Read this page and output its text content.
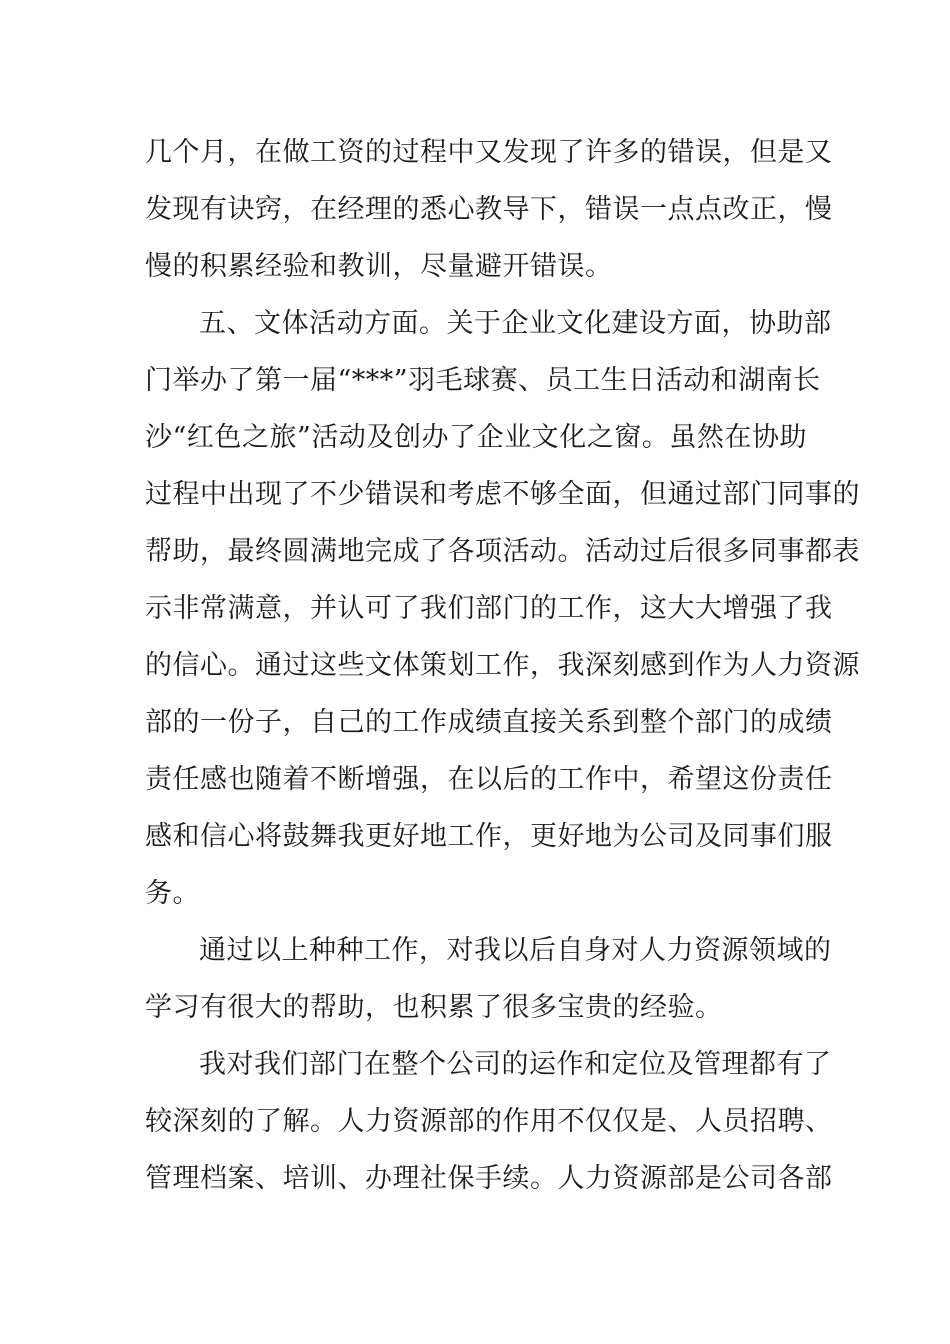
几个月，在做工资的过程中又发现了许多的错误，但是又
发现有诀窍，在经理的悉心教导下，错误一点点改正，慢
慢的积累经验和教训，尽量避开错误。
五、文体活动方面。关于企业文化建设方面，协助部
门举办了第一届“***”羽毛球赛、员工生日活动和湖南长
沙“红色之旅”活动及创办了企业文化之窗。虽然在协助
过程中出现了不少错误和考虑不够全面，但通过部门同事的
帮助，最终圆满地完成了各项活动。活动过后很多同事都表
示非常满意，并认可了我们部门的工作，这大大增强了我
的信心。通过这些文体策划工作，我深刻感到作为人力资源
部的一份子，自己的工作成绩直接关系到整个部门的成绩
责任感也随着不断增强，在以后的工作中，希望这份责任
感和信心将鼓舞我更好地工作，更好地为公司及同事们服
务。
通过以上种种工作，对我以后自身对人力资源领域的
学习有很大的帮助，也积累了很多宝贵的经验。
我对我们部门在整个公司的运作和定位及管理都有了
较深刻的了解。人力资源部的作用不仅仅是、人员招聘、
管理档案、培训、办理社保手续。人力资源部是公司各部
